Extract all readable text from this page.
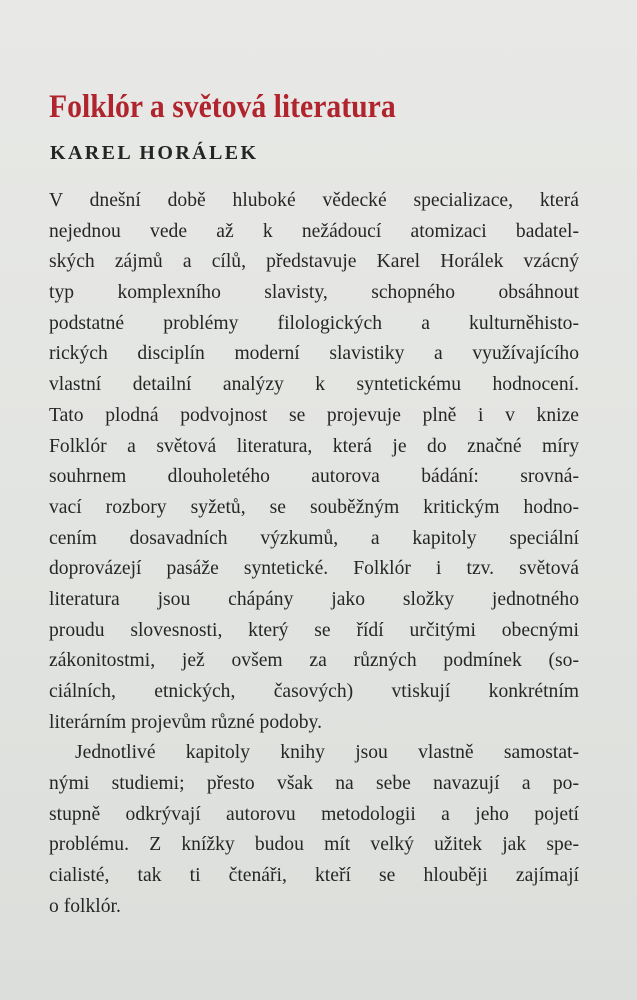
Folklór a světová literatura
KAREL HORÁLEK
V dnešní době hluboké vědecké specializace, která
nejednou vede až k nežádoucí atomizaci badatel-
ských zájmů a cílů, představuje Karel Horálek vzácný
typ komplexního slavisty, schopného obsáhnout
podstatné problémy filologických a kulturněhisto-
rických disciplín moderní slavistiky a využívajícího
vlastní detailní analýzy k syntetickému hodnocení.
Tato plodná podvojnost se projevuje plně i v knize
Folklór a světová literatura, která je do značné míry
souhrnem dlouholetého autorova bádání: srovná-
vací rozbory syžetů, se souběžným kritickým hodno-
cením dosavadních výzkumů, a kapitoly speciální
doprovázejí pasáže syntetické. Folklór i tzv. světová
literatura jsou chápány jako složky jednotného
proudu slovesnosti, který se řídí určitými obecnými
zákonitostmi, jež ovšem za různých podmínek (so-
ciálních, etnických, časových) vtiskují konkrétním
literárním projevům různé podoby.
Jednotlivé kapitoly knihy jsou vlastně samostat-
nými studiemi; přesto však na sebe navazují a po-
stupně odkrývají autorovu metodologii a jeho pojetí
problému. Z knížky budou mít velký užitek jak spe-
cialisté, tak ti čtenáři, kteří se hlouběji zajímají
o folklór.
